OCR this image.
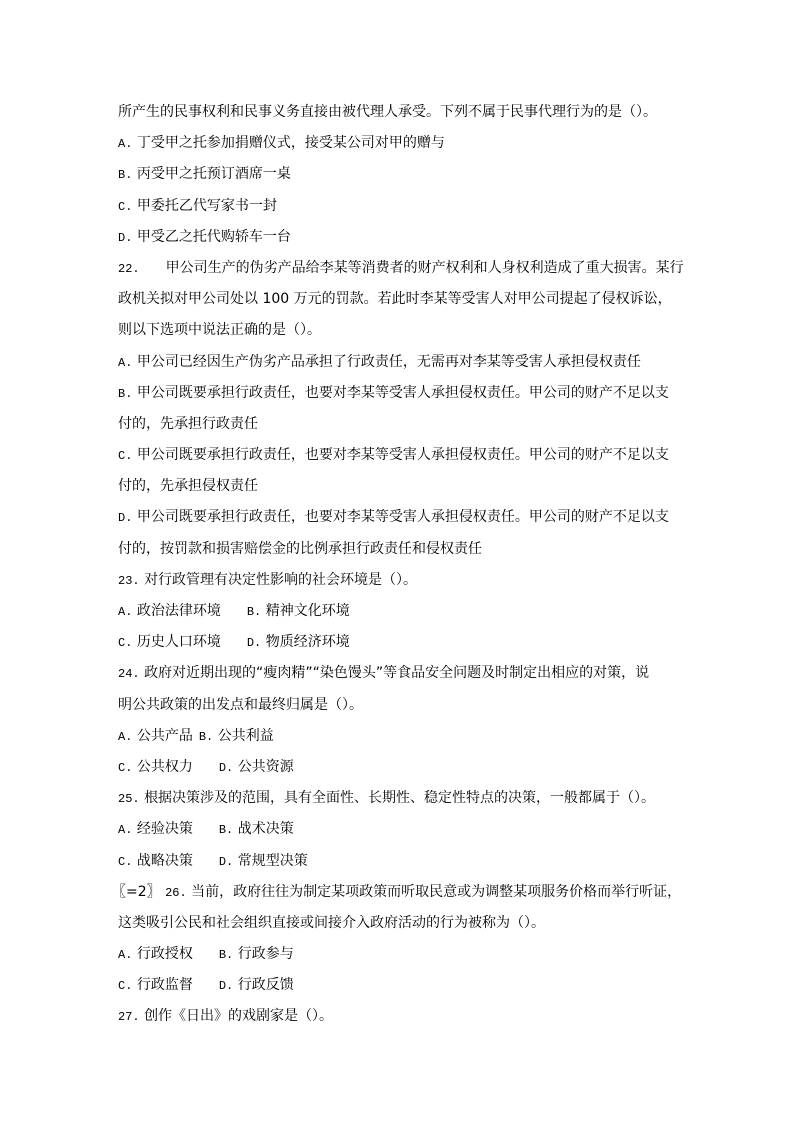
所产生的民事权利和民事义务直接由被代理人承受。下列不属于民事代理行为的是（）。
A. 丁受甲之托参加捐赠仪式，接受某公司对甲的赠与
B. 丙受甲之托预订酒席一桌
C. 甲委托乙代写家书一封
D. 甲受乙之托代购轿车一台
22. 甲公司生产的伪劣产品给李某等消费者的财产权利和人身权利造成了重大损害。某行
政机关拟对甲公司处以 100 万元的罚款。若此时李某等受害人对甲公司提起了侵权诉讼，
则以下选项中说法正确的是（）。
A. 甲公司已经因生产伪劣产品承担了行政责任，无需再对李某等受害人承担侵权责任
B. 甲公司既要承担行政责任，也要对李某等受害人承担侵权责任。甲公司的财产不足以支
付的，先承担行政责任
C. 甲公司既要承担行政责任，也要对李某等受害人承担侵权责任。甲公司的财产不足以支
付的，先承担侵权责任
D. 甲公司既要承担行政责任，也要对李某等受害人承担侵权责任。甲公司的财产不足以支
付的，按罚款和损害赔偿金的比例承担行政责任和侵权责任
23. 对行政管理有决定性影响的社会环境是（）。
A. 政治法律环境 B. 精神文化环境
C. 历史人口环境 D. 物质经济环境
24. 政府对近期出现的“瘦肉精”“染色馒头”等食品安全问题及时制定出相应的对策，说
明公共政策的出发点和最终归属是（）。
A. 公共产品 B. 公共利益
C. 公共权力 D. 公共资源
25. 根据决策涉及的范围，具有全面性、长期性、稳定性特点的决策，一般都属于（）。
A. 经验决策 B. 战术决策
C. 战略决策 D. 常规型决策
〖=2〗 26. 当前，政府往往为制定某项政策而听取民意或为调整某项服务价格而举行听证，
这类吸引公民和社会组织直接或间接介入政府活动的行为被称为（）。
A. 行政授权 B. 行政参与
C. 行政监督 D. 行政反馈
27. 创作《日出》的戏剧家是（）。
